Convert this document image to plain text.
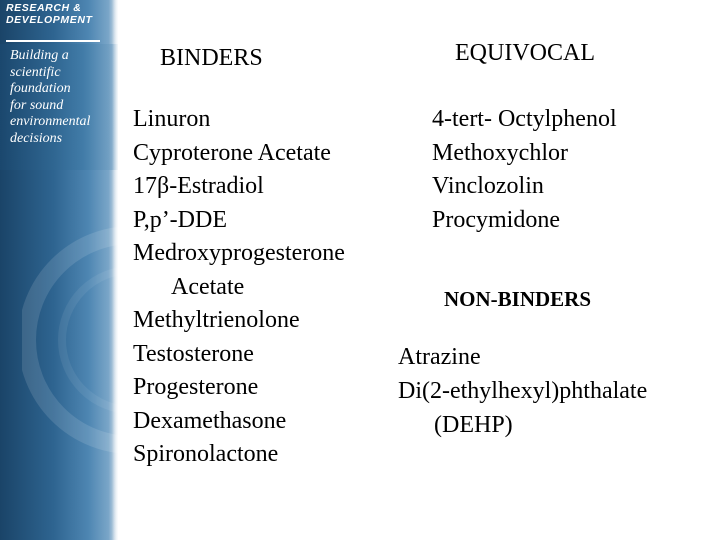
RESEARCH &
DEVELOPMENT
Building a
scientific
foundation
for sound
environmental
decisions
BINDERS
Linuron
Cyproterone Acetate
17β-Estradiol
P,p’-DDE
Medroxyprogesterone
Acetate
Methyltrienolone
Testosterone
Progesterone
Dexamethasone
Spironolactone
EQUIVOCAL
4-tert- Octylphenol
Methoxychlor
Vinclozolin
Procymidone
NON-BINDERS
Atrazine
Di(2-ethylhexyl)phthalate
(DEHP)
